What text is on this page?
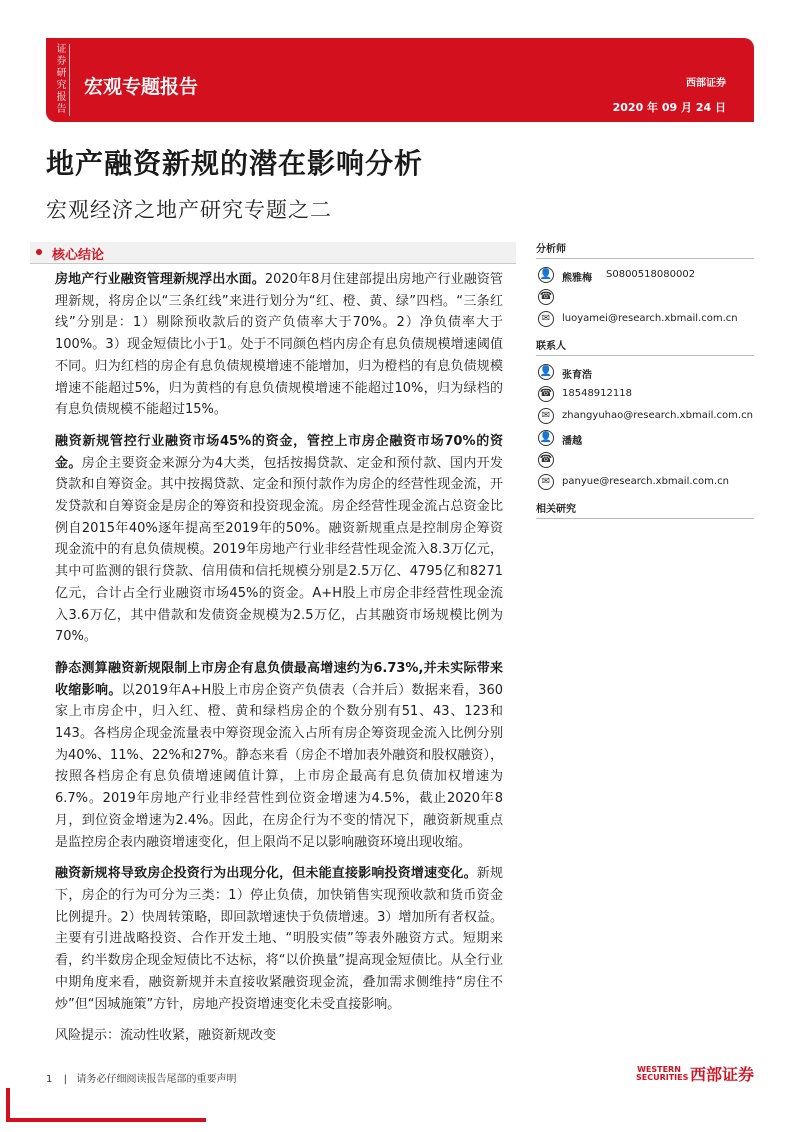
证券研究报告
宏观专题报告	西部证券
2020 年 09 月 24 日
地产融资新规的潜在影响分析
宏观经济之地产研究专题之二
核心结论

房地产行业融资管理新规浮出水面。2020年8月住建部提出房地产行业融资管理新规，将房企以“三条红线”来进行划分为“红、橙、黄、绿”四档。“三条红线”分别是：1）剔除预收款后的资产负债率大于70%。2）净负债率大于100%。3）现金短债比小于1。处于不同颜色档内房企有息负债规模增速阈值不同。归为红档的房企有息负债规模增速不能增加，归为橙档的有息负债规模增速不能超过5%，归为黄档的有息负债规模增速不能超过10%，归为绿档的有息负债规模不能超过15%。

融资新规管控行业融资市场45%的资金，管控上市房企融资市场70%的资金。房企主要资金来源分为4大类，包括按揭贷款、定金和预付款、国内开发贷款和自筹资金。其中按揭贷款、定金和预付款作为房企的经营性现金流，开发贷款和自筹资金是房企的筹资和投资现金流。房企经营性现金流占总资金比例自2015年40%逐年提高至2019年的50%。融资新规重点是控制房企筹资现金流中的有息负债规模。2019年房地产行业非经营性现金流入8.3万亿元，其中可监测的银行贷款、信用债和信托规模分别是2.5万亿、4795亿和8271亿元，合计占全行业融资市场45%的资金。A+H股上市房企非经营性现金流入3.6万亿，其中借款和发债资金规模为2.5万亿，占其融资市场规模比例为70%。

静态测算融资新规限制上市房企有息负债最高增速约为6.73%,并未实际带来收缩影响。以2019年A+H股上市房企资产负债表（合并后）数据来看，360家上市房企中，归入红、橙、黄和绿档房企的个数分别有51、43、123和143。各档房企现金流量表中筹资现金流入占所有房企筹资现金流入比例分别为40%、11%、22%和27%。静态来看（房企不增加表外融资和股权融资），按照各档房企有息负债增速阈值计算，上市房企最高有息负债加权增速为6.7%。2019年房地产行业非经营性到位资金增速为4.5%，截止2020年8月，到位资金增速为2.4%。因此，在房企行为不变的情况下，融资新规重点是监控房企表内融资增速变化，但上限尚不足以影响融资环境出现收缩。

融资新规将导致房企投资行为出现分化，但未能直接影响投资增速变化。新规下，房企的行为可分为三类：1）停止负债，加快销售实现预收款和货币资金比例提升。2）快周转策略，即回款增速快于负债增速。3）增加所有者权益。主要有引进战略投资、合作开发土地、“明股实债”等表外融资方式。短期来看，约半数房企现金短债比不达标，将“以价换量”提高现金短债比。从全行业中期角度来看，融资新规并未直接收紧融资现金流，叠加需求侧维持“房住不炒”但“因城施策”方针，房地产投资增速变化未受直接影响。

风险提示：流动性收紧，融资新规改变

分析师
👤 熊雅梅 S0800518080002
☎
✉	luoyamei@research.xbmail.com.cn
联系人
👤 张育浩
☎ 18548912118
✉	zhangyuhao@research.xbmail.com.cn
👤 潘越
☎
✉	panyue@research.xbmail.com.cn
相关研究
1 |   请务必仔细阅读报告尾部的重要声明
WESTERN SECURITIES 西部证券
